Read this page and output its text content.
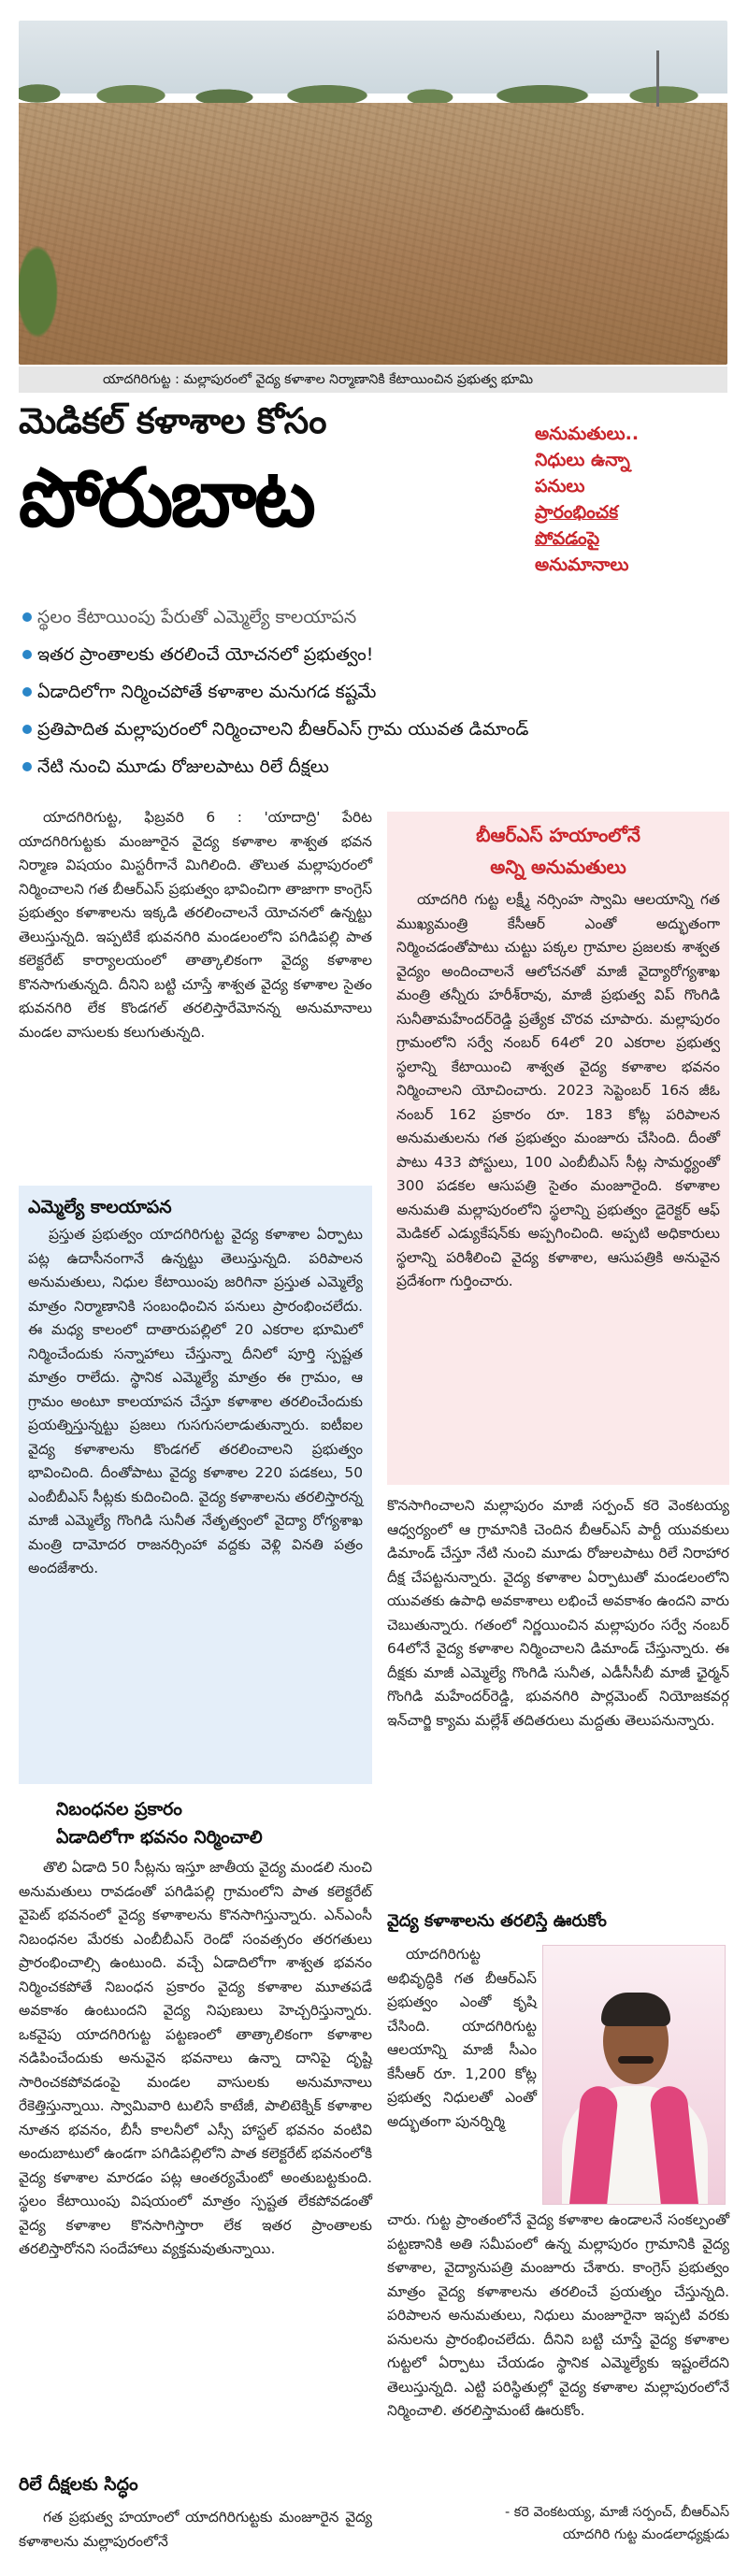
యాదగిరిగుట్ట : మల్లాపురంలో వైద్య కళాశాల నిర్మాణానికి కేటాయించిన ప్రభుత్వ భూమి
మెడికల్ కళాశాల కోసం
పోరుబాట
అనుమతులు..
నిధులు ఉన్నా
పనులు
ప్రారంభించక
పోవడంపై
అనుమానాలు
స్థలం కేటాయింపు పేరుతో ఎమ్మెల్యే కాలయాపన
ఇతర ప్రాంతాలకు తరలించే యోచనలో ప్రభుత్వం!
ఏడాదిలోగా నిర్మించపోతే కళాశాల మనుగడ కష్టమే
ప్రతిపాదిత మల్లాపురంలో నిర్మించాలని బీఆర్ఎస్ గ్రామ యువత డిమాండ్
నేటి నుంచి మూడు రోజులపాటు రిలే దీక్షలు

యాదగిరిగుట్ట, ఫిబ్రవరి 6 : 'యాదాద్రి' పేరిట యాదగిరిగుట్టకు మంజూరైన వైద్య కళాశాల శాశ్వత భవన నిర్మాణ విషయం మిస్టరీగానే మిగిలింది. తొలుత మల్లాపురంలో నిర్మించాలని గత బీఆర్ఎస్ ప్రభుత్వం భావించిగా తాజాగా కాంగ్రెస్ ప్రభుత్వం కళాశాలను ఇక్కడి తరలించాలనే యోచనలో ఉన్నట్టు తెలుస్తున్నది. ఇప్పటికే భువనగిరి మండలంలోని పగిడిపల్లి పాత కలెక్టరేట్ కార్యాలయంలో తాత్కాలికంగా వైద్య కళాశాల కొనసాగుతున్నది. దీనిని బట్టి చూస్తే శాశ్వత వైద్య కళాశాల సైతం భువనగిరి లేక కొండగల్ తరలిస్తారేమోనన్న అనుమానాలు మండల వాసులకు కలుగుతున్నది.

ఎమ్మెల్యే కాలయాపన

ప్రస్తుత ప్రభుత్వం యాదగిరిగుట్ట వైద్య కళాశాల ఏర్పాటు పట్ల ఉదాసీనంగానే ఉన్నట్టు తెలుస్తున్నది. పరిపాలన అనుమతులు, నిధుల కేటాయింపు జరిగినా ప్రస్తుత ఎమ్మెల్యే మాత్రం నిర్మాణానికి సంబంధించిన పనులు ప్రారంభించలేదు. ఈ మధ్య కాలంలో దాతారుపల్లిలో 20 ఎకరాల భూమిలో నిర్మించేందుకు సన్నాహాలు చేస్తున్నా దీనిలో పూర్తి స్పష్టత మాత్రం రాలేదు. స్థానిక ఎమ్మెల్యే మాత్రం ఈ గ్రామం, ఆ గ్రామం అంటూ కాలయాపన చేస్తూ కళాశాల తరలించేందుకు ప్రయత్నిస్తున్నట్టు ప్రజలు గుసగుసలాడుతున్నారు. ఐటీఐల వైద్య కళాశాలను కొండగల్ తరలించాలని ప్రభుత్వం భావించింది. దీంతోపాటు వైద్య కళాశాల 220 పడకలు, 50 ఎంబీబీఎస్ సీట్లకు కుదించింది. వైద్య కళాశాలను తరలిస్తారన్న మాజీ ఎమ్మెల్యే గొంగిడి సునీత నేతృత్వంలో వైద్యా రోగ్యశాఖ మంత్రి దామోదర రాజనర్సింహా వద్దకు వెళ్లి వినతి పత్రం అందజేశారు.

నిబంధనల ప్రకారం
ఏడాదిలోగా భవనం నిర్మించాలి

తొలి ఏడాది 50 సీట్లను ఇస్తూ జాతీయ వైద్య మండలి నుంచి అనుమతులు రావడంతో పగిడిపల్లి గ్రామంలోని పాత కలెక్టరేట్ వైపెట్ భవనంలో వైద్య కళాశాలను కొనసాగిస్తున్నారు. ఎన్ఎంసీ నిబంధనల మేరకు ఎంబీబీఎస్ రెండో సంవత్సరం తరగతులు ప్రారంభించాల్సి ఉంటుంది. వచ్చే ఏడాదిలోగా శాశ్వత భవనం నిర్మించకపోతే నిబంధన ప్రకారం వైద్య కళాశాల మూతపడే అవకాశం ఉంటుందని వైద్య నిపుణులు హెచ్చరిస్తున్నారు. ఒకవైపు యాదగిరిగుట్ట పట్టణంలో తాత్కాలికంగా కళాశాల నడిపించేందుకు అనువైన భవనాలు ఉన్నా దానిపై దృష్టి సారించకపోవడంపై మండల వాసులకు అనుమానాలు రేకెత్తిస్తున్నాయి. స్వామివారి టులిసే కాటేజీ, పాలిటెక్నిక్ కళాశాల నూతన భవనం, బీసీ కాలనీలో ఎస్సీ హాస్టల్ భవనం వంటివి అందుబాటులో ఉండగా పగిడిపల్లిలోని పాత కలెక్టరేట్ భవనంలోకి వైద్య కళాశాల మారడం పట్ల ఆంతర్యమేంటో అంతుబట్టకుంది. స్థలం కేటాయింపు విషయంలో మాత్రం స్పష్టత లేకపోవడంతో వైద్య కళాశాల కొనసాగిస్తారా లేక ఇతర ప్రాంతాలకు తరలిస్తారోనని సందేహాలు వ్యక్తమవుతున్నాయి.

రిలే దీక్షలకు సిద్ధం

గత ప్రభుత్వ హయాంలో యాదగిరిగుట్టకు మంజూరైన వైద్య కళాశాలను మల్లాపురంలోనే

బీఆర్ఎస్ హయాంలోనే
అన్ని అనుమతులు

యాదగిరి గుట్ట లక్ష్మీ నర్సింహ స్వామి ఆలయాన్ని గత ముఖ్యమంత్రి కేసీఆర్ ఎంతో అద్భుతంగా నిర్మించడంతోపాటు చుట్టు పక్కల గ్రామాల ప్రజలకు శాశ్వత వైద్యం అందించాలనే ఆలోచనతో మాజీ వైద్యారోగ్యశాఖ మంత్రి తన్నీరు హరీశ్‌రావు, మాజీ ప్రభుత్వ విప్ గొంగిడి సునీతామహేందర్‌రెడ్డి ప్రత్యేక చొరవ చూపారు. మల్లాపురం గ్రామంలోని సర్వే నంబర్ 64లో 20 ఎకరాల ప్రభుత్వ స్థలాన్ని కేటాయించి శాశ్వత వైద్య కళాశాల భవనం నిర్మించాలని యోచించారు. 2023 సెప్టెంబర్ 16న జీఓ నంబర్ 162 ప్రకారం రూ. 183 కోట్ల పరిపాలన అనుమతులను గత ప్రభుత్వం మంజూరు చేసింది. దీంతో పాటు 433 పోస్టులు, 100 ఎంబీబీఎస్ సీట్ల సామర్థ్యంతో 300 పడకల ఆసుపత్రి సైతం మంజూరైంది. కళాశాల అనుమతి మల్లాపురంలోని స్థలాన్ని ప్రభుత్వం డైరెక్టర్ ఆఫ్ మెడికల్ ఎడ్యుకేషన్‌కు అప్పగించింది. అప్పటి అధికారులు స్థలాన్ని పరిశీలించి వైద్య కళాశాల, ఆసుపత్రికి అనువైన ప్రదేశంగా గుర్తించారు.

కొనసాగించాలని మల్లాపురం మాజీ సర్పంచ్ కరె వెంకటయ్య ఆధ్వర్యంలో ఆ గ్రామానికి చెందిన బీఆర్ఎస్ పార్టీ యువకులు డిమాండ్ చేస్తూ నేటి నుంచి మూడు రోజులపాటు రిలే నిరాహార దీక్ష చేపట్టనున్నారు. వైద్య కళాశాల ఏర్పాటుతో మండలంలోని యువతకు ఉపాధి అవకాశాలు లభించే అవకాశం ఉందని వారు చెబుతున్నారు. గతంలో నిర్ణయించిన మల్లాపురం సర్వే నంబర్ 64లోనే వైద్య కళాశాల నిర్మించాలని డిమాండ్ చేస్తున్నారు. ఈ దీక్షకు మాజీ ఎమ్మెల్యే గొంగిడి సునీత, ఎడీసీసీబీ మాజీ ఛైర్మన్ గొంగిడి మహేందర్‌రెడ్డి, భువనగిరి పార్లమెంట్ నియోజకవర్గ ఇన్‌చార్జి క్యామ మల్లేశ్ తదితరులు మద్దతు తెలుపనున్నారు.

వైద్య కళాశాలను తరలిస్తే ఊరుకోం

యాదగిరిగుట్ట అభివృద్ధికి గత బీఆర్ఎస్ ప్రభుత్వం ఎంతో కృషి చేసింది. యాదగిరిగుట్ట ఆలయాన్ని మాజీ సీఎం కేసీఆర్ రూ. 1,200 కోట్ల ప్రభుత్వ నిధులతో ఎంతో అద్భుతంగా పునర్నిర్మి

చారు. గుట్ట ప్రాంతంలోనే వైద్య కళాశాల ఉండాలనే సంకల్పంతో పట్టణానికి అతి సమీపంలో ఉన్న మల్లాపురం గ్రామానికి వైద్య కళాశాల, వైద్యానుపత్రి మంజూరు చేశారు. కాంగ్రెస్ ప్రభుత్వం మాత్రం వైద్య కళాశాలను తరలించే ప్రయత్నం చేస్తున్నది. పరిపాలన అనుమతులు, నిధులు మంజూరైనా ఇప్పటి వరకు పనులను ప్రారంభించలేదు. దీనిని బట్టి చూస్తే వైద్య కళాశాల గుట్టలో ఏర్పాటు చేయడం స్థానిక ఎమ్మెల్యేకు ఇష్టంలేదని తెలుస్తున్నది. ఎట్టి పరిస్థితుల్లో వైద్య కళాశాల మల్లాపురంలోనే నిర్మించాలి. తరలిస్తామంటే ఊరుకోం.

- కరె వెంకటయ్య, మాజీ సర్పంచ్, బీఆర్ఎస్
యాదగిరి గుట్ట మండలాధ్యక్షుడు
